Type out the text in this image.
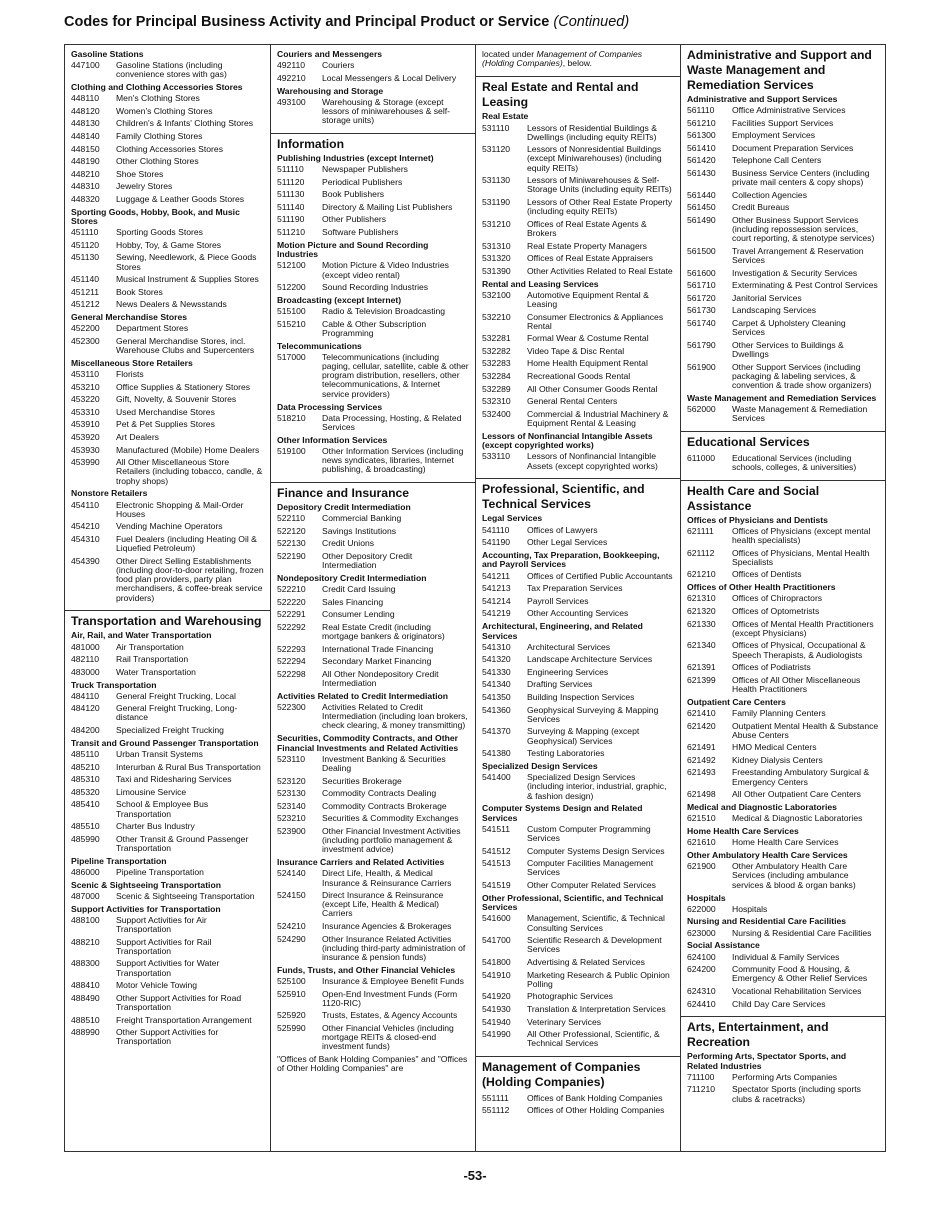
Codes for Principal Business Activity and Principal Product or Service (Continued)
Gasoline Stations
447100	Gasoline Stations (including convenience stores with gas)
Clothing and Clothing Accessories Stores
448110	Men's Clothing Stores
448120	Women's Clothing Stores
448130	Children's & Infants' Clothing Stores
448140	Family Clothing Stores
448150	Clothing Accessories Stores
448190	Other Clothing Stores
448210	Shoe Stores
448310	Jewelry Stores
448320	Luggage & Leather Goods Stores
Sporting Goods, Hobby, Book, and Music Stores
451110	Sporting Goods Stores
451120	Hobby, Toy, & Game Stores
451130	Sewing, Needlework, & Piece Goods Stores
451140	Musical Instrument & Supplies Stores
451211	Book Stores
451212	News Dealers & Newsstands
General Merchandise Stores
452200	Department Stores
452300	General Merchandise Stores, incl. Warehouse Clubs and Supercenters
Miscellaneous Store Retailers
453110	Florists
453210	Office Supplies & Stationery Stores
453220	Gift, Novelty, & Souvenir Stores
453310	Used Merchandise Stores
453910	Pet & Pet Supplies Stores
453920	Art Dealers
453930	Manufactured (Mobile) Home Dealers
453990	All Other Miscellaneous Store Retailers (including tobacco, candle, & trophy shops)
Nonstore Retailers
454110	Electronic Shopping & Mail-Order Houses
454210	Vending Machine Operators
454310	Fuel Dealers (including Heating Oil & Liquefied Petroleum)
454390	Other Direct Selling Establishments (including door-to-door retailing, frozen food plan providers, party plan merchandisers, & coffee-break service providers)
Transportation and Warehousing
Air, Rail, and Water Transportation
481000	Air Transportation
482110	Rail Transportation
483000	Water Transportation
Truck Transportation
484110	General Freight Trucking, Local
484120	General Freight Trucking, Long-distance
484200	Specialized Freight Trucking
Transit and Ground Passenger Transportation
485110	Urban Transit Systems
485210	Interurban & Rural Bus Transportation
485310	Taxi and Ridesharing Services
485320	Limousine Service
485410	School & Employee Bus Transportation
485510	Charter Bus Industry
485990	Other Transit & Ground Passenger Transportation
Pipeline Transportation
486000	Pipeline Transportation
Scenic & Sightseeing Transportation
487000	Scenic & Sightseeing Transportation
Support Activities for Transportation
488100	Support Activities for Air Transportation
488210	Support Activities for Rail Transportation
488300	Support Activities for Water Transportation
488410	Motor Vehicle Towing
488490	Other Support Activities for Road Transportation
488510	Freight Transportation Arrangement
488990	Other Support Activities for Transportation
Couriers and Messengers
492110	Couriers
492210	Local Messengers & Local Delivery
Warehousing and Storage
493100	Warehousing & Storage (except lessors of miniwarehouses & self-storage units)
Information
Publishing Industries (except Internet)
511110	Newspaper Publishers
511120	Periodical Publishers
511130	Book Publishers
511140	Directory & Mailing List Publishers
511190	Other Publishers
511210	Software Publishers
Motion Picture and Sound Recording Industries
512100	Motion Picture & Video Industries (except video rental)
512200	Sound Recording Industries
Broadcasting (except Internet)
515100	Radio & Television Broadcasting
515210	Cable & Other Subscription Programming
Telecommunications
517000	Telecommunications (including paging, cellular, satellite, cable & other program distribution, resellers, other telecommunications, & Internet service providers)
Data Processing Services
518210	Data Processing, Hosting, & Related Services
Other Information Services
519100	Other Information Services (including news syndicates, libraries, Internet publishing, & broadcasting)
Finance and Insurance
Depository Credit Intermediation
522110	Commercial Banking
522120	Savings Institutions
522130	Credit Unions
522190	Other Depository Credit Intermediation
Nondepository Credit Intermediation
522210	Credit Card Issuing
522220	Sales Financing
522291	Consumer Lending
522292	Real Estate Credit (including mortgage bankers & originators)
522293	International Trade Financing
522294	Secondary Market Financing
522298	All Other Nondepository Credit Intermediation
Activities Related to Credit Intermediation
522300	Activities Related to Credit Intermediation (including loan brokers, check clearing, & money transmitting)
Securities, Commodity Contracts, and Other Financial Investments and Related Activities
523110	Investment Banking & Securities Dealing
523120	Securities Brokerage
523130	Commodity Contracts Dealing
523140	Commodity Contracts Brokerage
523210	Securities & Commodity Exchanges
523900	Other Financial Investment Activities (including portfolio management & investment advice)
Insurance Carriers and Related Activities
524140	Direct Life, Health, & Medical Insurance & Reinsurance Carriers
524150	Direct Insurance & Reinsurance (except Life, Health & Medical) Carriers
524210	Insurance Agencies & Brokerages
524290	Other Insurance Related Activities (including third-party administration of insurance & pension funds)
Funds, Trusts, and Other Financial Vehicles
525100	Insurance & Employee Benefit Funds
525910	Open-End Investment Funds (Form 1120-RIC)
525920	Trusts, Estates, & Agency Accounts
525990	Other Financial Vehicles (including mortgage REITs & closed-end investment funds)
"Offices of Bank Holding Companies" and "Offices of Other Holding Companies" are
located under Management of Companies (Holding Companies), below.
Real Estate and Rental and Leasing
Real Estate
531110	Lessors of Residential Buildings & Dwellings (including equity REITs)
531120	Lessors of Nonresidential Buildings (except Miniwarehouses) (including equity REITs)
531130	Lessors of Miniwarehouses & Self-Storage Units (including equity REITs)
531190	Lessors of Other Real Estate Property (including equity REITs)
531210	Offices of Real Estate Agents & Brokers
531310	Real Estate Property Managers
531320	Offices of Real Estate Appraisers
531390	Other Activities Related to Real Estate
Rental and Leasing Services
532100	Automotive Equipment Rental & Leasing
532210	Consumer Electronics & Appliances Rental
532281	Formal Wear & Costume Rental
532282	Video Tape & Disc Rental
532283	Home Health Equipment Rental
532284	Recreational Goods Rental
532289	All Other Consumer Goods Rental
532310	General Rental Centers
532400	Commercial & Industrial Machinery & Equipment Rental & Leasing
Lessors of Nonfinancial Intangible Assets (except copyrighted works)
533110	Lessors of Nonfinancial Intangible Assets (except copyrighted works)
Professional, Scientific, and Technical Services
Legal Services
541110	Offices of Lawyers
541190	Other Legal Services
Accounting, Tax Preparation, Bookkeeping, and Payroll Services
541211	Offices of Certified Public Accountants
541213	Tax Preparation Services
541214	Payroll Services
541219	Other Accounting Services
Architectural, Engineering, and Related Services
541310	Architectural Services
541320	Landscape Architecture Services
541330	Engineering Services
541340	Drafting Services
541350	Building Inspection Services
541360	Geophysical Surveying & Mapping Services
541370	Surveying & Mapping (except Geophysical) Services
541380	Testing Laboratories
Specialized Design Services
541400	Specialized Design Services (including interior, industrial, graphic, & fashion design)
Computer Systems Design and Related Services
541511	Custom Computer Programming Services
541512	Computer Systems Design Services
541513	Computer Facilities Management Services
541519	Other Computer Related Services
Other Professional, Scientific, and Technical Services
541600	Management, Scientific, & Technical Consulting Services
541700	Scientific Research & Development Services
541800	Advertising & Related Services
541910	Marketing Research & Public Opinion Polling
541920	Photographic Services
541930	Translation & Interpretation Services
541940	Veterinary Services
541990	All Other Professional, Scientific, & Technical Services
Management of Companies (Holding Companies)
551111	Offices of Bank Holding Companies
551112	Offices of Other Holding Companies
Administrative and Support and Waste Management and Remediation Services
Administrative and Support Services
561110	Office Administrative Services
561210	Facilities Support Services
561300	Employment Services
561410	Document Preparation Services
561420	Telephone Call Centers
561430	Business Service Centers (including private mail centers & copy shops)
561440	Collection Agencies
561450	Credit Bureaus
561490	Other Business Support Services (including repossession services, court reporting, & stenotype services)
561500	Travel Arrangement & Reservation Services
561600	Investigation & Security Services
561710	Exterminating & Pest Control Services
561720	Janitorial Services
561730	Landscaping Services
561740	Carpet & Upholstery Cleaning Services
561790	Other Services to Buildings & Dwellings
561900	Other Support Services (including packaging & labeling services, & convention & trade show organizers)
Waste Management and Remediation Services
562000	Waste Management & Remediation Services
Educational Services
611000	Educational Services (including schools, colleges, & universities)
Health Care and Social Assistance
Offices of Physicians and Dentists
621111	Offices of Physicians (except mental health specialists)
621112	Offices of Physicians, Mental Health Specialists
621210	Offices of Dentists
Offices of Other Health Practitioners
621310	Offices of Chiropractors
621320	Offices of Optometrists
621330	Offices of Mental Health Practitioners (except Physicians)
621340	Offices of Physical, Occupational & Speech Therapists, & Audiologists
621391	Offices of Podiatrists
621399	Offices of All Other Miscellaneous Health Practitioners
Outpatient Care Centers
621410	Family Planning Centers
621420	Outpatient Mental Health & Substance Abuse Centers
621491	HMO Medical Centers
621492	Kidney Dialysis Centers
621493	Freestanding Ambulatory Surgical & Emergency Centers
621498	All Other Outpatient Care Centers
Medical and Diagnostic Laboratories
621510	Medical & Diagnostic Laboratories
Home Health Care Services
621610	Home Health Care Services
Other Ambulatory Health Care Services
621900	Other Ambulatory Health Care Services (including ambulance services & blood & organ banks)
Hospitals
622000	Hospitals
Nursing and Residential Care Facilities
623000	Nursing & Residential Care Facilities
Social Assistance
624100	Individual & Family Services
624200	Community Food & Housing, & Emergency & Other Relief Services
624310	Vocational Rehabilitation Services
624410	Child Day Care Services
Arts, Entertainment, and Recreation
Performing Arts, Spectator Sports, and Related Industries
711100	Performing Arts Companies
711210	Spectator Sports (including sports clubs & racetracks)
-53-
